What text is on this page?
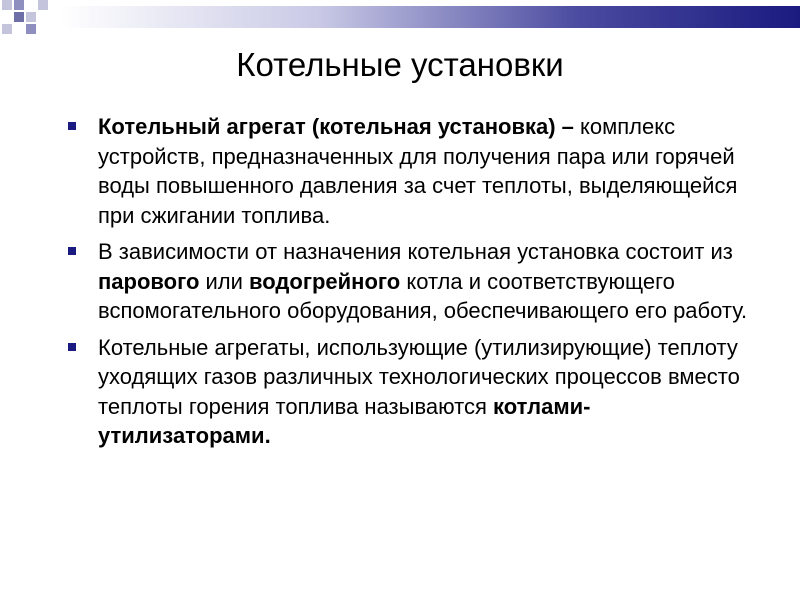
Котельные установки
Котельный агрегат (котельная установка) – комплекс устройств, предназначенных для получения пара или горячей воды повышенного давления за счет теплоты, выделяющейся при сжигании топлива.
В зависимости от назначения котельная установка состоит из парового или водогрейного котла и соответствующего вспомогательного оборудования, обеспечивающего его работу.
Котельные агрегаты, использующие (утилизирующие) теплоту уходящих газов различных технологических процессов вместо теплоты горения топлива называются котлами-утилизаторами.
